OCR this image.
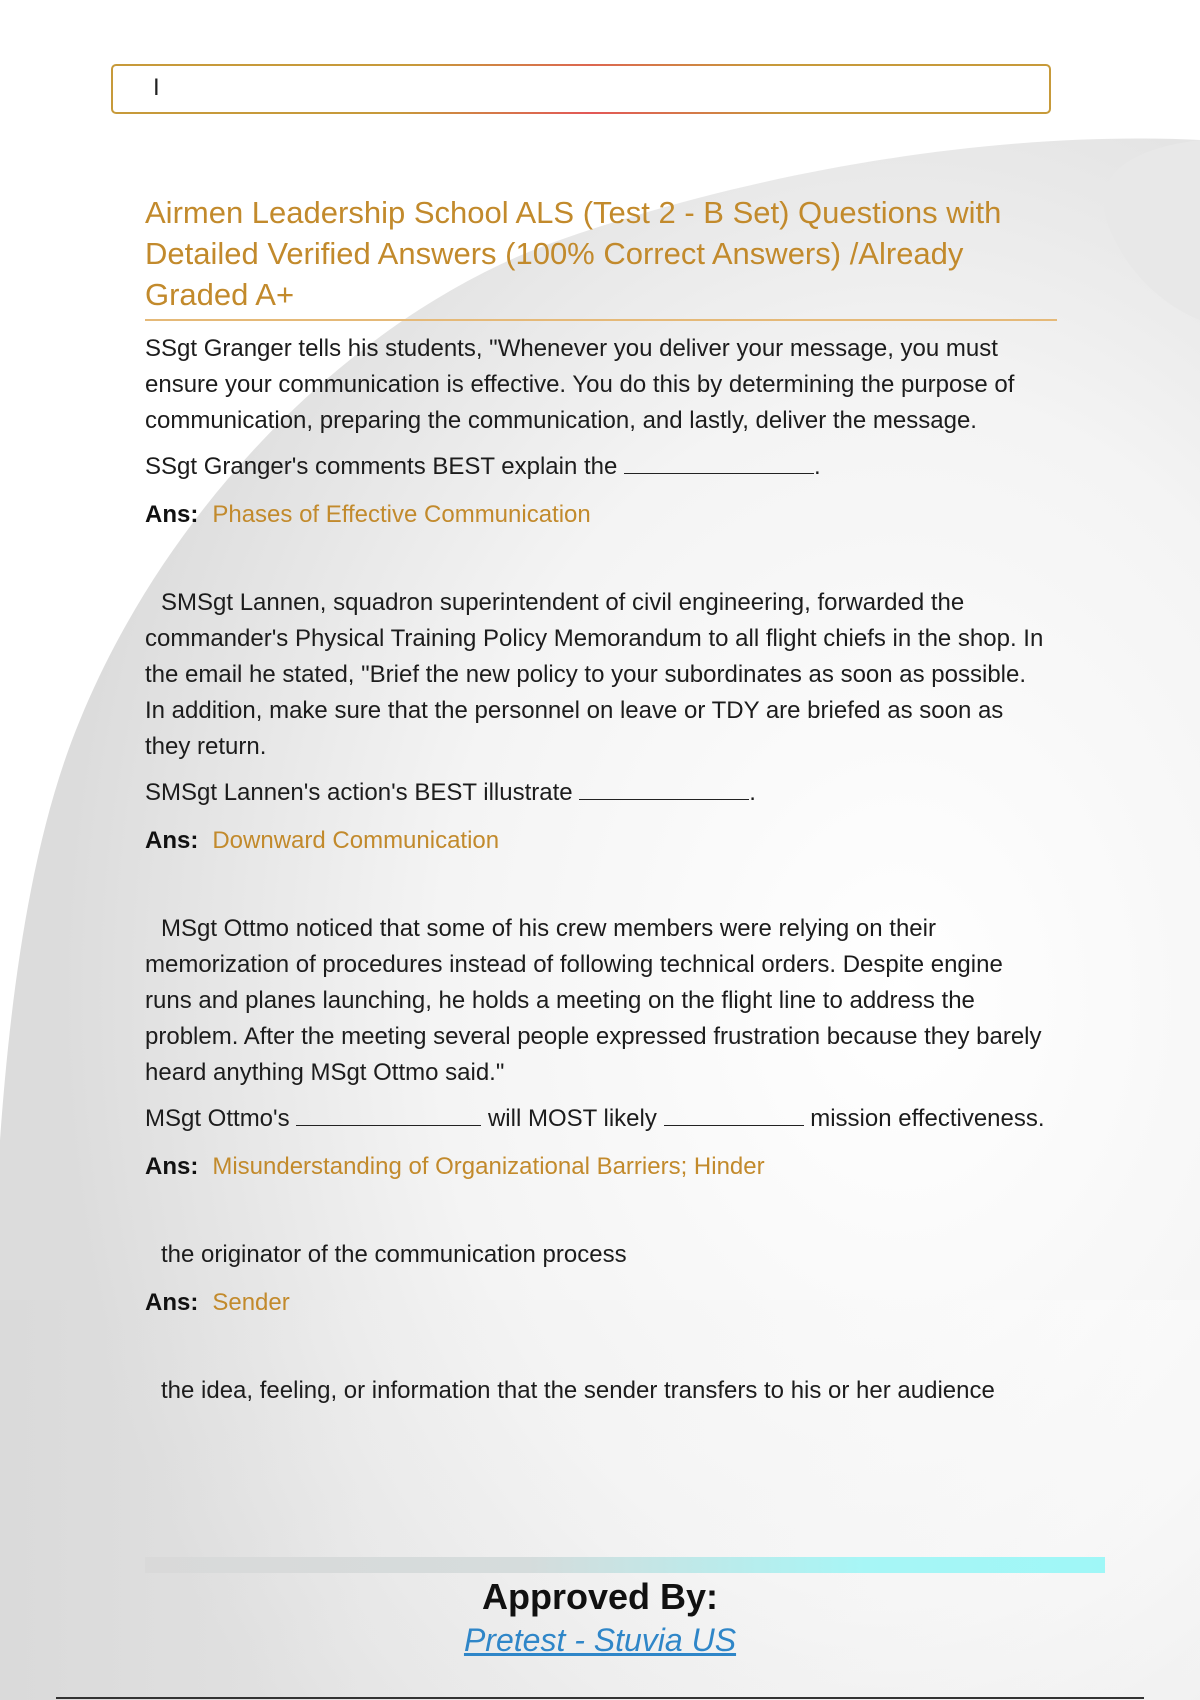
I
Airmen Leadership School ALS (Test 2 - B Set) Questions with Detailed Verified Answers (100% Correct Answers) /Already Graded A+

SSgt Granger tells his students, "Whenever you deliver your message, you must ensure your communication is effective. You do this by determining the purpose of communication, preparing the communication, and lastly, deliver the message.

SSgt Granger's comments BEST explain the	.

Ans: Phases of Effective Communication

SMSgt Lannen, squadron superintendent of civil engineering, forwarded the commander's Physical Training Policy Memorandum to all flight chiefs in the shop. In the email he stated, "Brief the new policy to your subordinates as soon as possible. In addition, make sure that the personnel on leave or TDY are briefed as soon as they return.

SMSgt Lannen's action's BEST illustrate	.

Ans: Downward Communication

MSgt Ottmo noticed that some of his crew members were relying on their memorization of procedures instead of following technical orders. Despite engine runs and planes launching, he holds a meeting on the flight line to address the problem. After the meeting several people expressed frustration because they barely heard anything MSgt Ottmo said."

MSgt Ottmo's	will MOST likely	mission effectiveness.

Ans: Misunderstanding of Organizational Barriers; Hinder

the originator of the communication process

Ans: Sender

the idea, feeling, or information that the sender transfers to his or her audience

Approved By:
Pretest - Stuvia US
